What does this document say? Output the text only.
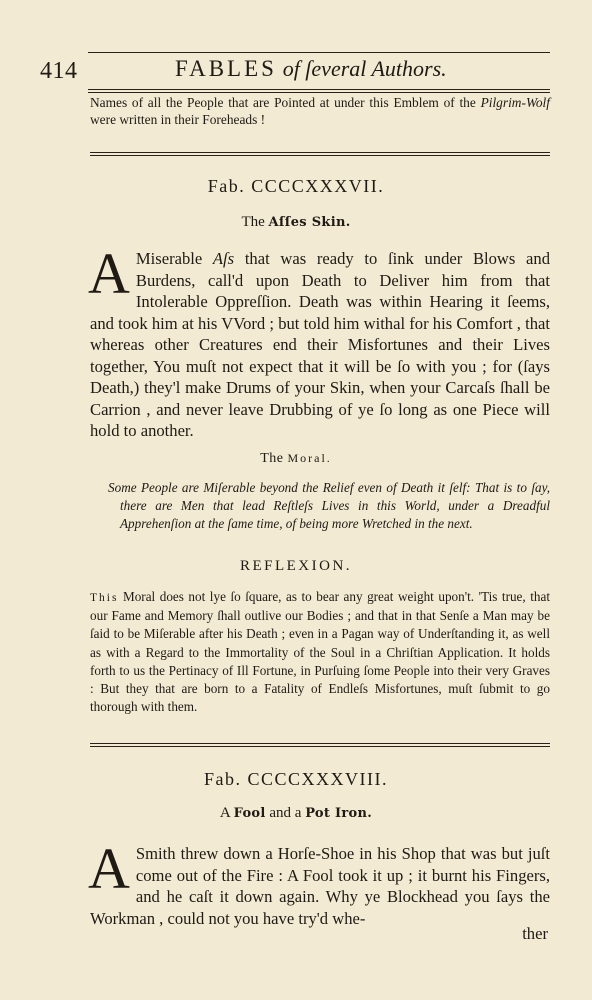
414	FABLES of ſeveral Authors.
Names of all the People that are Pointed at under this Emblem of the Pilgrim-Wolf were written in their Foreheads !
Fab. CCCCXXXVII.
The Aſſes Skin.
A Miserable Aſs that was ready to ſink under Blows and Burdens, call'd upon Death to Deliver him from that Intolerable Oppreſſion. Death was within Hearing it ſeems, and took him at his VVord ; but told him withal for his Comfort , that whereas other Creatures end their Misfortunes and their Lives together, You muſt not expect that it will be ſo with you ; for (ſays Death,) they'l make Drums of your Skin, when your Carcaſs ſhall be Carrion , and never leave Drubbing of ye ſo long as one Piece will hold to another.
The Moral.
Some People are Miſerable beyond the Relief even of Death it ſelf: That is to ſay, there are Men that lead Reſtleſs Lives in this World, under a Dreadful Apprehenſion at the ſame time, of being more Wretched in the next.
REFLEXION.
This Moral does not lye ſo ſquare, as to bear any great weight upon't. 'Tis true, that our Fame and Memory ſhall outlive our Bodies ; and that in that Senſe a Man may be ſaid to be Miſerable after his Death ; even in a Pagan way of Underſtanding it, as well as with a Regard to the Immortality of the Soul in a Chriſtian Application. It holds forth to us the Pertinacy of Ill Fortune, in Purſuing ſome People into their very Graves : But they that are born to a Fatality of Endleſs Misfortunes, muſt ſubmit to go thorough with them.
Fab. CCCCXXXVIII.
A Fool and a Pot Iron.
A Smith threw down a Horſe-Shoe in his Shop that was but juſt come out of the Fire : A Fool took it up ; it burnt his Fingers, and he caſt it down again. Why ye Blockhead you ſays the Workman , could not you have try'd whe-
ther
